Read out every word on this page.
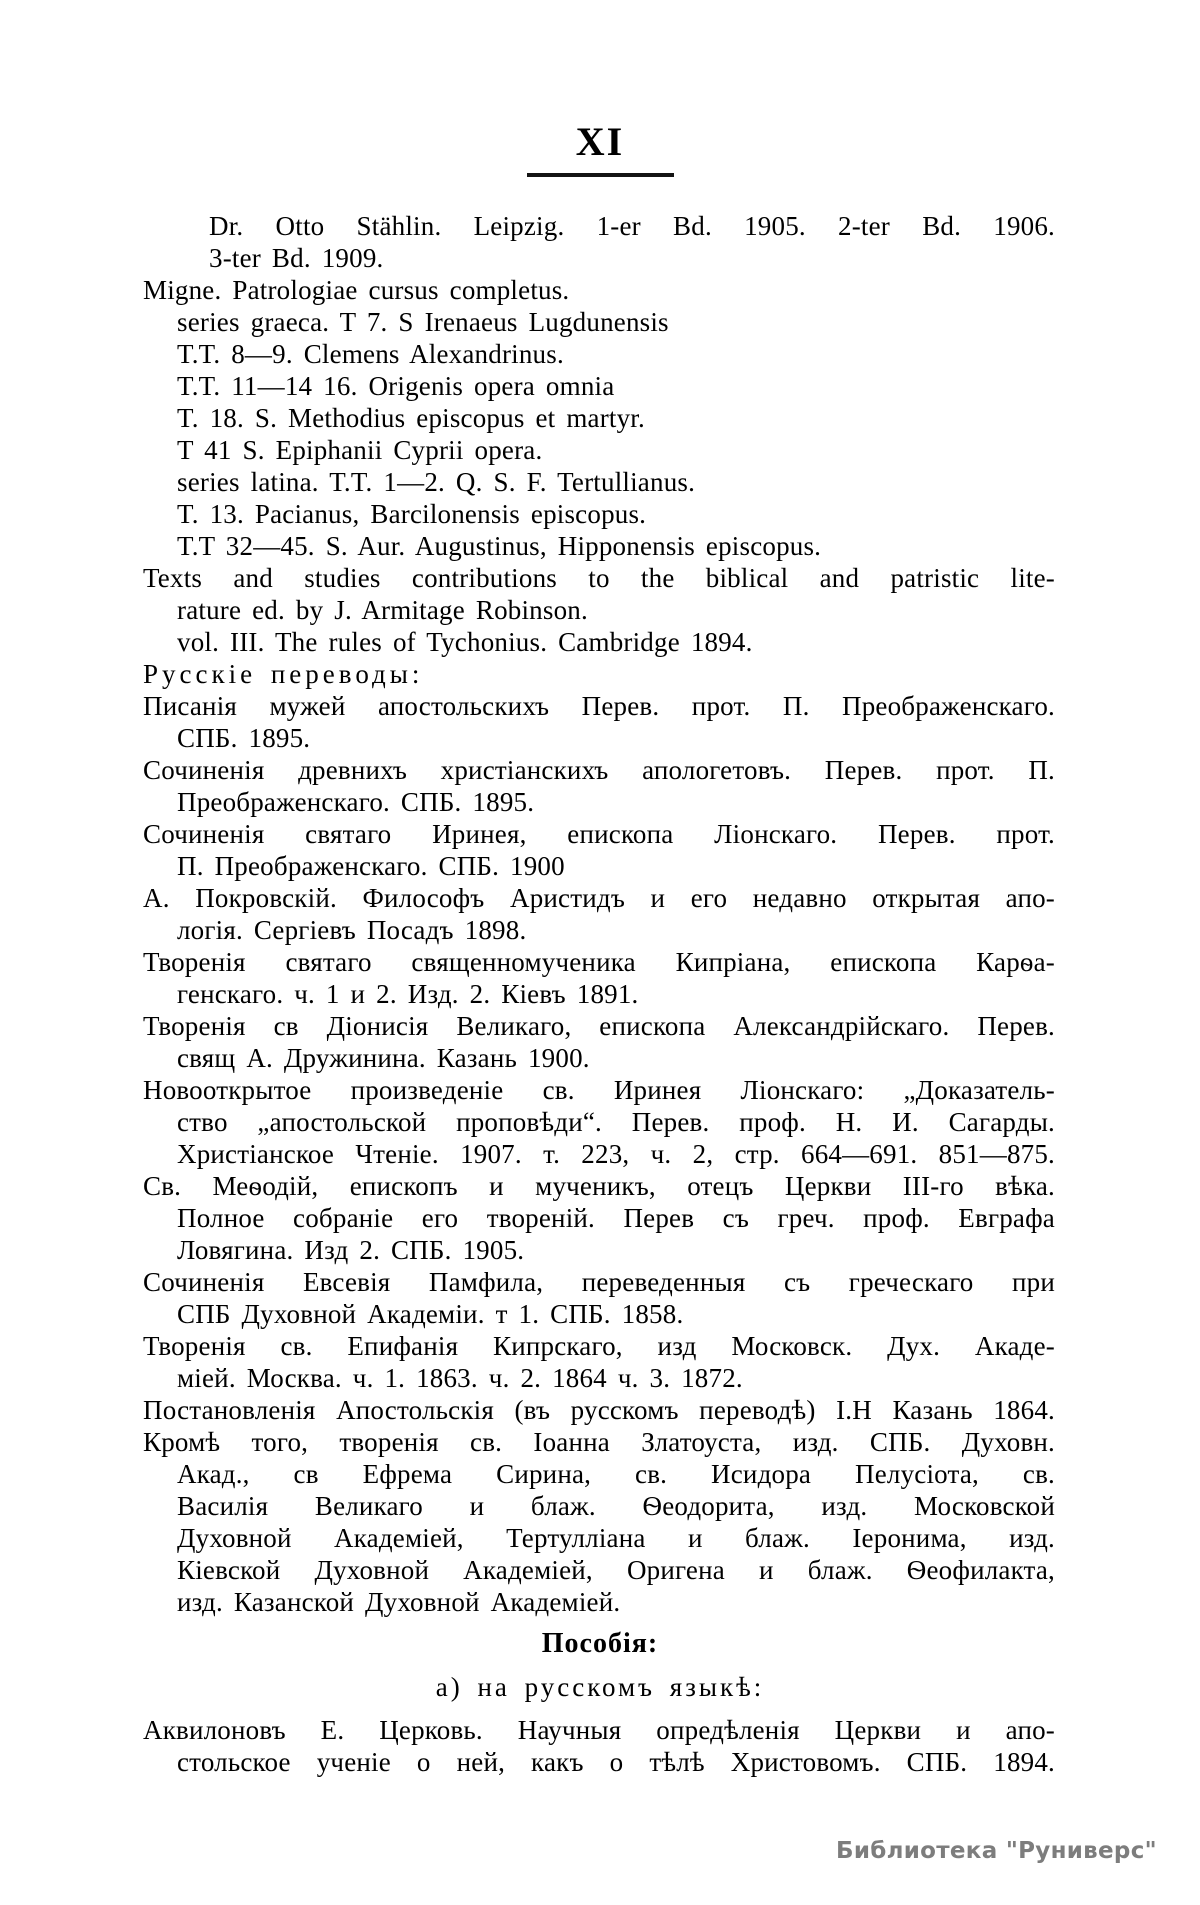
XI
Dr. Otto Stählin. Leipzig. 1-er Bd. 1905. 2-ter Bd. 1906.
3-ter Bd. 1909.
Migne. Patrologiae cursus completus.
series graeca. T 7. S Irenaeus Lugdunensis
T.T. 8—9. Clemens Alexandrinus.
T.T. 11—14 16. Origenis opera omnia
T. 18. S. Methodius episcopus et martyr.
T 41 S. Epiphanii Cyprii opera.
series latina. T.T. 1—2. Q. S. F. Tertullianus.
T. 13. Pacianus, Barcilonensis episcopus.
T.T 32—45. S. Aur. Augustinus, Hipponensis episcopus.
Texts and studies contributions to the biblical and patristic lite-
rature ed. by J. Armitage Robinson.
vol. III. The rules of Tychonius. Cambridge 1894.
Русскіе переводы:
Писанія мужей апостольскихъ Перев. прот. П. Преображенскаго.
СПБ. 1895.
Сочиненія древнихъ христіанскихъ апологетовъ. Перев. прот. П.
Преображенскаго. СПБ. 1895.
Сочиненія святаго Иринея, епископа Ліонскаго. Перев. прот.
П. Преображенскаго. СПБ. 1900
А. Покровскій. Философъ Аристидъ и его недавно открытая апо-
логія. Сергіевъ Посадъ 1898.
Творенія святаго священномученика Кипріана, епископа Карѳа-
генскаго. ч. 1 и 2. Изд. 2. Кіевъ 1891.
Творенія св Діонисія Великаго, епископа Александрійскаго. Перев.
свящ А. Дружинина. Казань 1900.
Новооткрытое произведеніе св. Иринея Ліонскаго: „Доказатель-
ство „апостольской проповѣди“. Перев. проф. Н. И. Сагарды.
Христіанское Чтеніе. 1907. т. 223, ч. 2, стр. 664—691. 851—875.
Св. Меѳодій, епископъ и мученикъ, отецъ Церкви III-го вѣка.
Полное собраніе его твореній. Перев съ греч. проф. Евграфа
Ловягина. Изд 2. СПБ. 1905.
Сочиненія Евсевія Памфила, переведенныя съ греческаго при
СПБ Духовной Академіи. т 1. СПБ. 1858.
Творенія св. Епифанія Кипрскаго, изд Московск. Дух. Акаде-
міей. Москва. ч. 1. 1863. ч. 2. 1864 ч. 3. 1872.
Постановленія Апостольскія (въ русскомъ переводѣ) І.Н Казань 1864.
Кромѣ того, творенія св. Іоанна Златоуста, изд. СПБ. Духовн.
Акад., св Ефрема Сирина, св. Исидора Пелусіота, св.
Василія Великаго и блаж. Ѳеодорита, изд. Московской
Духовной Академіей, Тертулліана и блаж. Іеронима, изд.
Кіевской Духовной Академіей, Оригена и блаж. Ѳеофилакта,
изд. Казанской Духовной Академіей.
Пособія:
а) на русскомъ языкѣ:
Аквилоновъ Е. Церковь. Научныя опредѣленія Церкви и апо-
стольское ученіе о ней, какъ о тѣлѣ Христовомъ. СПБ. 1894.
Библиотека "Руниверс"
